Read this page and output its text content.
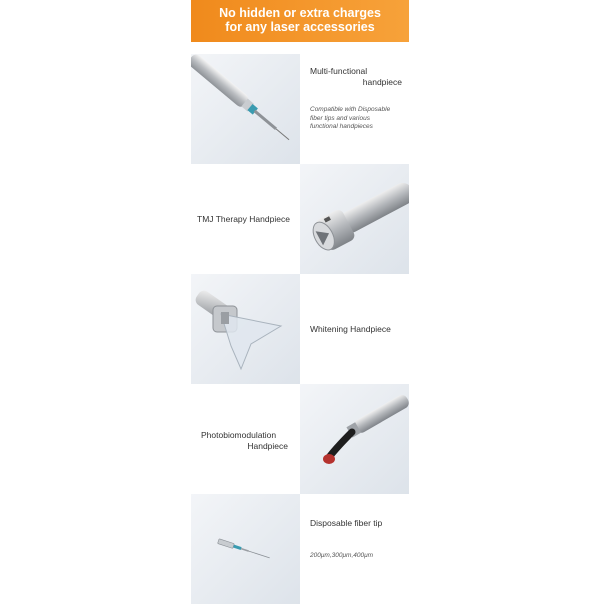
No hidden or extra charges
for any laser accessories
Multi-functional
handpiece
Compatible with Disposable
fiber tips and various
functional handpieces
TMJ Therapy Handpiece
Whitening Handpiece
Photobiomodulation
Handpiece
Disposable fiber tip
200μm,300μm,400μm
